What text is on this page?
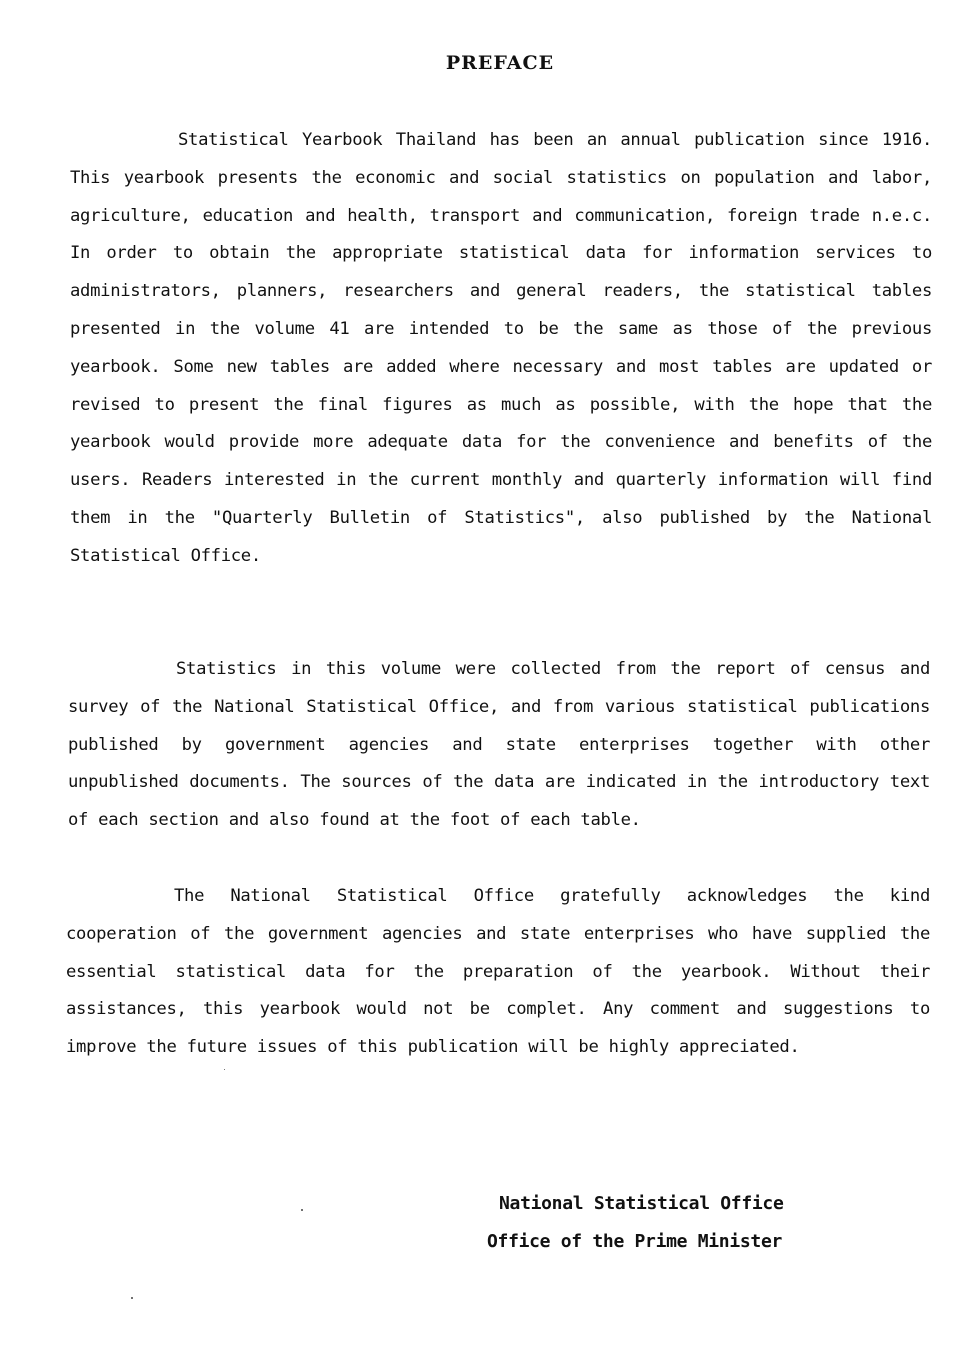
PREFACE

Statistical Yearbook Thailand has been an annual publication since 1916. This yearbook presents the economic and social statistics on population and labor, agriculture, education and health, transport and communication, foreign trade n.e.c. In order to obtain the appropriate statistical data for information services to administrators, planners, researchers and general readers, the statistical tables presented in the volume 41 are intended to be the same as those of the previous yearbook. Some new tables are added where necessary and most tables are updated or revised to present the final figures as much as possible, with the hope that the yearbook would provide more adequate data for the convenience and benefits of the users. Readers interested in the current monthly and quarterly information will find them in the "Quarterly Bulletin of Statistics", also published by the National Statistical Office.

Statistics in this volume were collected from the report of census and survey of the National Statistical Office, and from various statistical publications published by government agencies and state enterprises together with other unpublished documents. The sources of the data are indicated in the introductory text of each section and also found at the foot of each table.

The National Statistical Office gratefully acknowledges the kind cooperation of the government agencies and state enterprises who have supplied the essential statistical data for the preparation of the yearbook. Without their assistances, this yearbook would not be complet. Any comment and suggestions to improve the future issues of this publication will be highly appreciated.

National Statistical Office
Office of the Prime Minister
